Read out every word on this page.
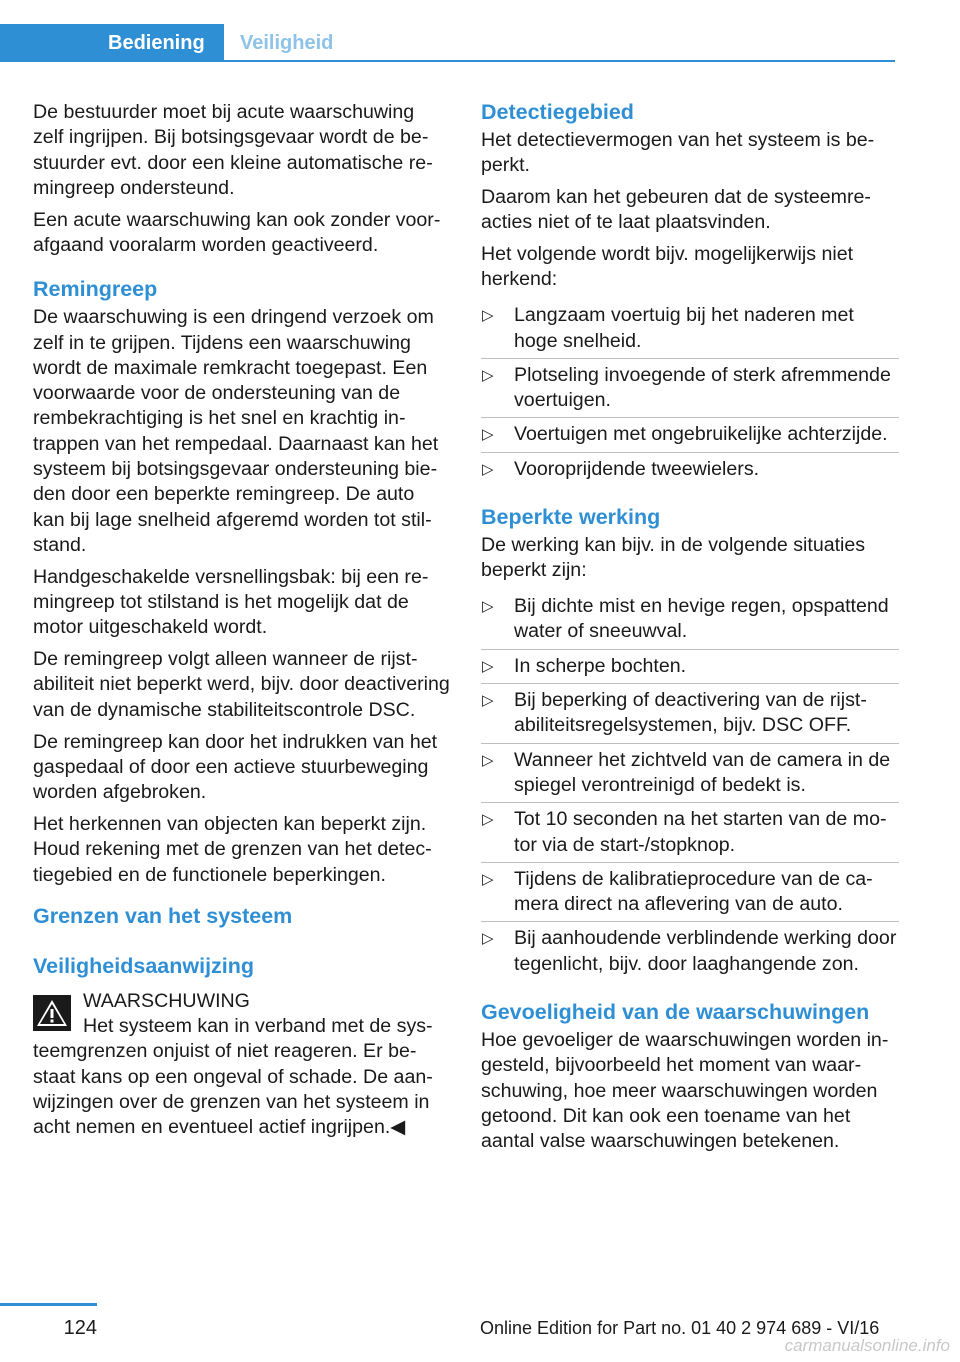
Bediening	Veiligheid

De bestuurder moet bij acute waarschuwing zelf ingrijpen. Bij botsingsgevaar wordt de bestuurder evt. door een kleine automatische remingreep ondersteund.

Een acute waarschuwing kan ook zonder voorafgaand vooralarm worden geactiveerd.

Remingreep

De waarschuwing is een dringend verzoek om zelf in te grijpen. Tijdens een waarschuwing wordt de maximale remkracht toegepast. Een voorwaarde voor de ondersteuning van de rembekrachtiging is het snel en krachtig intrappen van het rempedaal. Daarnaast kan het systeem bij botsingsgevaar ondersteuning bieden door een beperkte remingreep. De auto kan bij lage snelheid afgeremd worden tot stilstand.

Handgeschakelde versnellingsbak: bij een remingreep tot stilstand is het mogelijk dat de motor uitgeschakeld wordt.

De remingreep volgt alleen wanneer de rijstabiliteit niet beperkt werd, bijv. door deactivering van de dynamische stabiliteitscontrole DSC.

De remingreep kan door het indrukken van het gaspedaal of door een actieve stuurbeweging worden afgebroken.

Het herkennen van objecten kan beperkt zijn. Houd rekening met de grenzen van het detectiegebied en de functionele beperkingen.

Grenzen van het systeem
Veiligheidsaanwijzing
WAARSCHUWING
Het systeem kan in verband met de systeemgrenzen onjuist of niet reageren. Er bestaat kans op een ongeval of schade. De aanwijzingen over de grenzen van het systeem in acht nemen en eventueel actief ingrijpen.◀
Detectiegebied

Het detectievermogen van het systeem is beperkt.

Daarom kan het gebeuren dat de systeemreacties niet of te laat plaatsvinden.

Het volgende wordt bijv. mogelijkerwijs niet herkend:

▷ Langzaam voertuig bij het naderen met hoge snelheid.
▷ Plotseling invoegende of sterk afremmende voertuigen.
▷ Voertuigen met ongebruikelijke achterzijde.
▷ Vooroprijdende tweewielers.
Beperkte werking

De werking kan bijv. in de volgende situaties beperkt zijn:

▷ Bij dichte mist en hevige regen, opspattend water of sneeuwval.
▷ In scherpe bochten.
▷ Bij beperking of deactivering van de rijstabiliteitsregelsystemen, bijv. DSC OFF.
▷ Wanneer het zichtveld van de camera in de spiegel verontreinigd of bedekt is.
▷ Tot 10 seconden na het starten van de motor via de start-/stopknop.
▷ Tijdens de kalibratieprocedure van de camera direct na aflevering van de auto.
▷ Bij aanhoudende verblindende werking door tegenlicht, bijv. door laaghangende zon.
Gevoeligheid van de waarschuwingen

Hoe gevoeliger de waarschuwingen worden ingesteld, bijvoorbeeld het moment van waarschuwing, hoe meer waarschuwingen worden getoond. Dit kan ook een toename van het aantal valse waarschuwingen betekenen.

124	Online Edition for Part no. 01 40 2 974 689 - VI/16
carmanualsonline.info
